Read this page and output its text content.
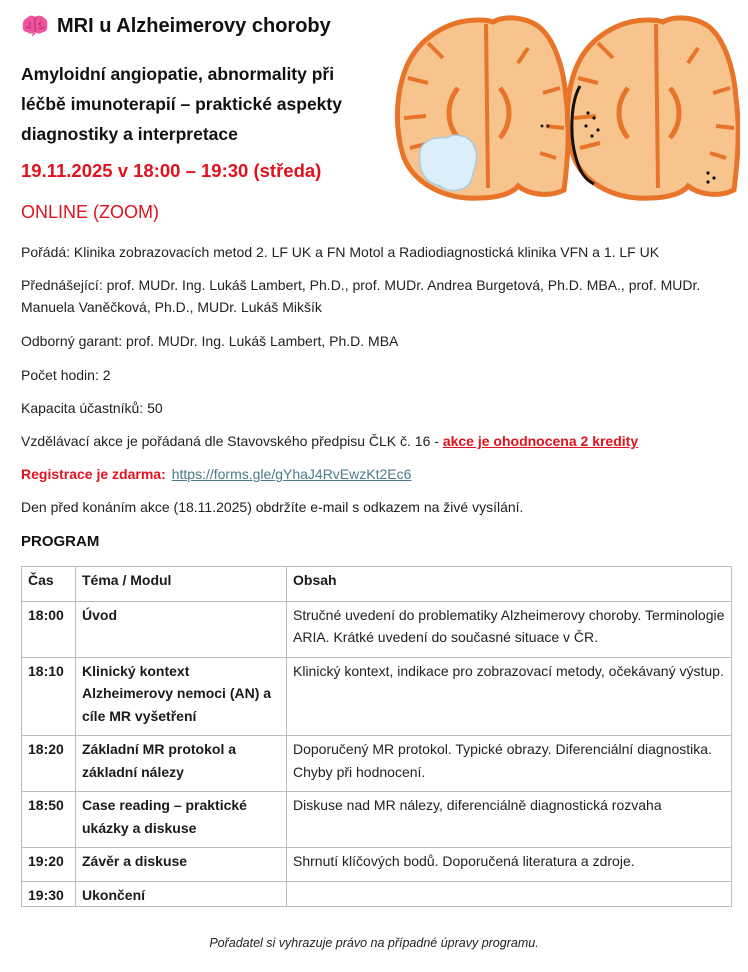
MRI u Alzheimerovy choroby
Amyloidní angiopatie, abnormality při léčbě imunoterapií – praktické aspekty diagnostiky a interpretace
19.11.2025 v 18:00 – 19:30 (středa)
ONLINE (ZOOM)
Pořádá: Klinika zobrazovacích metod 2. LF UK a FN Motol a Radiodiagnostická klinika VFN a 1. LF UK
Přednášející: prof. MUDr. Ing. Lukáš Lambert, Ph.D., prof. MUDr. Andrea Burgetová, Ph.D. MBA., prof. MUDr. Manuela Vaněčková, Ph.D., MUDr. Lukáš Mikšík
Odborný garant: prof. MUDr. Ing. Lukáš Lambert, Ph.D. MBA
Počet hodin: 2
Kapacita účastníků: 50
Vzdělávací akce je pořádaná dle Stavovského předpisu ČLK č. 16 - akce je ohodnocena 2 kredity
Registrace je zdarma: https://forms.gle/gYhaJ4RvEwzKt2Ec6
Den před konáním akce (18.11.2025) obdržíte e-mail s odkazem na živé vysílání.
PROGRAM
Čas	Téma / Modul	Obsah
18:00	Úvod	Stručné uvedení do problematiky Alzheimerovy choroby. Terminologie ARIA. Krátké uvedení do současné situace v ČR.
18:10	Klinický kontext Alzheimerovy nemoci (AN) a cíle MR vyšetření	Klinický kontext, indikace pro zobrazovací metody, očekávaný výstup.
18:20	Základní MR protokol a základní nálezy	Doporučený MR protokol. Typické obrazy. Diferenciální diagnostika. Chyby při hodnocení.
18:50	Case reading – praktické ukázky a diskuse	Diskuse nad MR nálezy, diferenciálně diagnostická rozvaha
19:20	Závěr a diskuse	Shrnutí klíčových bodů. Doporučená literatura a zdroje.
19:30	Ukončení	
Pořadatel si vyhrazuje právo na případné úpravy programu.
